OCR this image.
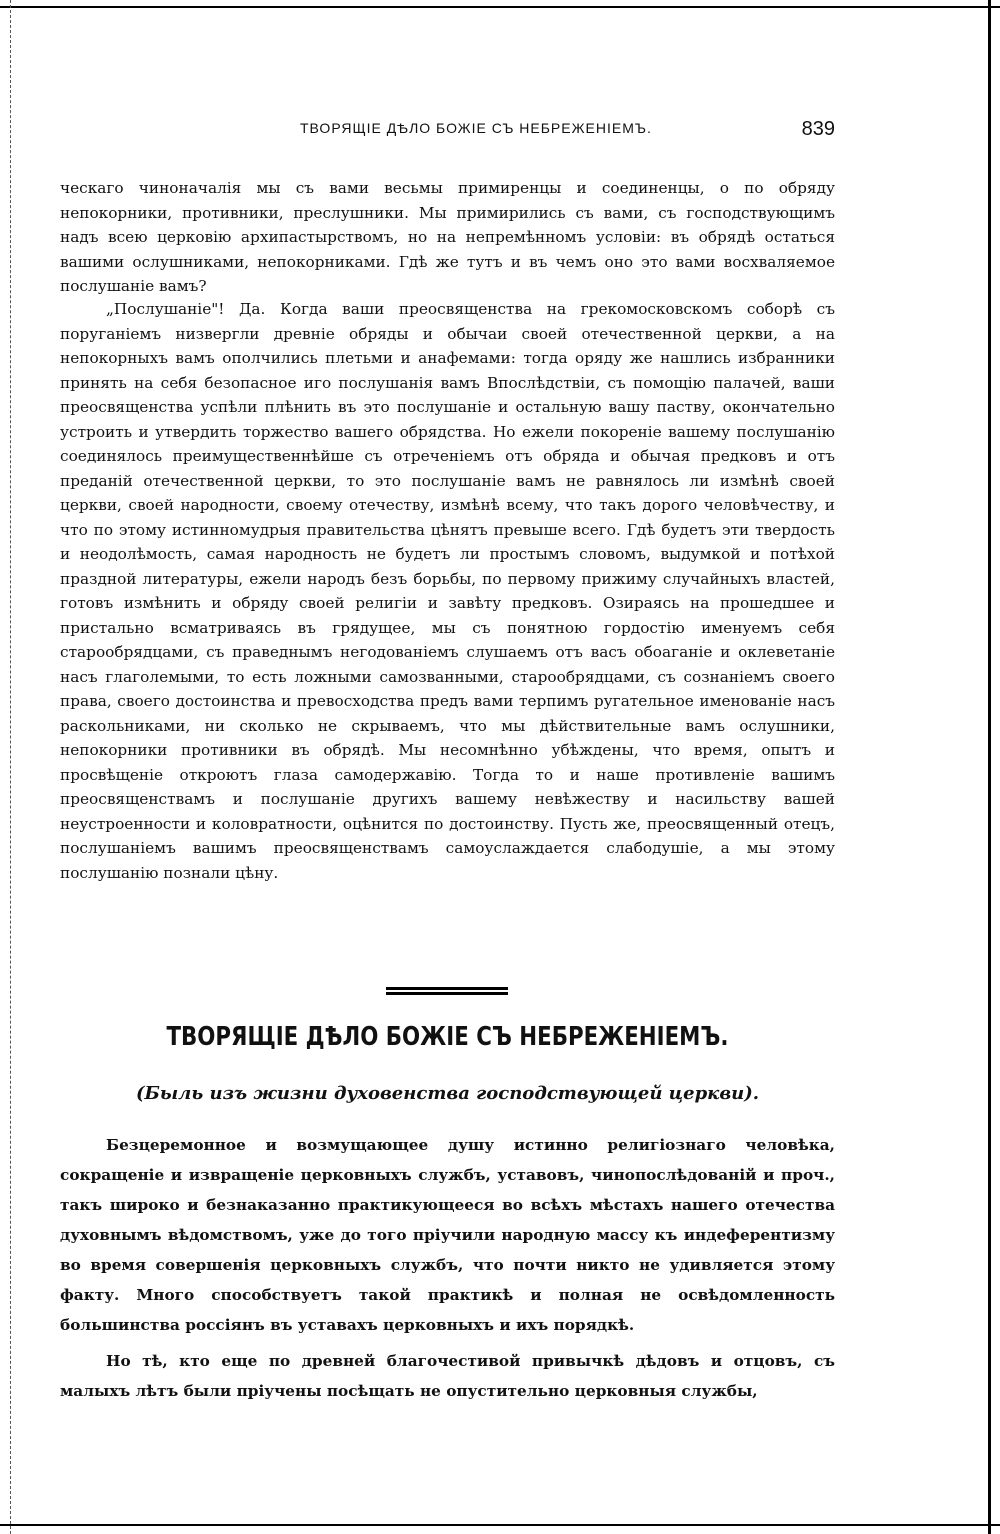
ТВОРЯЩІЕ ДѢЛО БОЖІЕ СЪ НЕБРЕЖЕНІЕМЪ.	839

ческаго чиноначалія мы съ вами весьмы примиренцы и соединенцы, о по обряду непокорники, противники, преслушники. Мы примирились съ вами, съ господствующимъ надъ всею церковію архипастырствомъ, но на непремѣнномъ условіи: въ обрядѣ остаться вашими ослушниками, непокорниками. Гдѣ же тутъ и въ чемъ оно это вами восхваляемое послушаніе вамъ?

„Послушаніе"! Да. Когда ваши преосвященства на грекомосковскомъ соборѣ съ поруганіемъ низвергли древніе обряды и обычаи своей отечественной церкви, а на непокорныхъ вамъ ополчились плетьми и анафемами: тогда оряду же нашлись избранники принять на себя безопасное иго послушанія вамъ Впослѣдствіи, съ помощію палачей, ваши преосвященства успѣли плѣнить въ это послушаніе и остальную вашу паству, окончательно устроить и утвердить торжество вашего обрядства. Но ежели покореніе вашему послушанію соединялось преимущественнѣйше съ отреченіемъ отъ обряда и обычая предковъ и отъ преданій отечественной церкви, то это послушаніе вамъ не равнялось ли измѣнѣ своей церкви, своей народности, своему отечеству, измѣнѣ всему, что такъ дорого человѣчеству, и что по этому истинномудрыя правительства цѣнятъ превыше всего. Гдѣ будетъ эти твердость и неодолѣмость, самая народность не будетъ ли простымъ словомъ, выдумкой и потѣхой праздной литературы, ежели народъ безъ борьбы, по первому прижиму случайныхъ властей, готовъ измѣнить и обряду своей религіи и завѣту предковъ. Озираясь на прошедшее и пристально всматриваясь въ грядущее, мы съ понятною гордостію именуемъ себя старообрядцами, съ праведнымъ негодованіемъ слушаемъ отъ васъ обоаганіе и оклеветаніе насъ глаголемыми, то есть ложными самозванными, старообрядцами, съ сознаніемъ своего права, своего достоинства и превосходства предъ вами терпимъ ругательное именованіе насъ раскольниками, ни сколько не скрываемъ, что мы дѣйствительные вамъ ослушники, непокорники противники въ обрядѣ. Мы несомнѣнно убѣждены, что время, опытъ и просвѣщеніе откроютъ глаза самодержавію. Тогда то и наше противленіе вашимъ преосвященствамъ и послушаніе другихъ вашему невѣжеству и насильству вашей неустроенности и коловратности, оцѣнится по достоинству. Пусть же, преосвященный отецъ, послушаніемъ вашимъ преосвященствамъ самоуслаждается слабодушіе, а мы этому послушанію познали цѣну.

ТВОРЯЩІЕ ДѢЛО БОЖІЕ СЪ НЕБРЕЖЕНІЕМЪ.
(Быль изъ жизни духовенства господствующей церкви).

Безцеремонное и возмущающее душу истинно религіознаго человѣка, сокращеніе и извращеніе церковныхъ службъ, уставовъ, чинопослѣдованій и проч., такъ широко и безнаказанно практикующееся во всѣхъ мѣстахъ нашего отечества духовнымъ вѣдомствомъ, уже до того пріучили народную массу къ индеферентизму во время совершенія церковныхъ службъ, что почти никто не удивляется этому факту. Много способствуетъ такой практикѣ и полная не освѣдомленность большинства россіянъ въ уставахъ церковныхъ и ихъ порядкѣ.

Но тѣ, кто еще по древней благочестивой привычкѣ дѣдовъ и отцовъ, съ малыхъ лѣтъ были пріучены посѣщать не опустительно церковныя службы,
